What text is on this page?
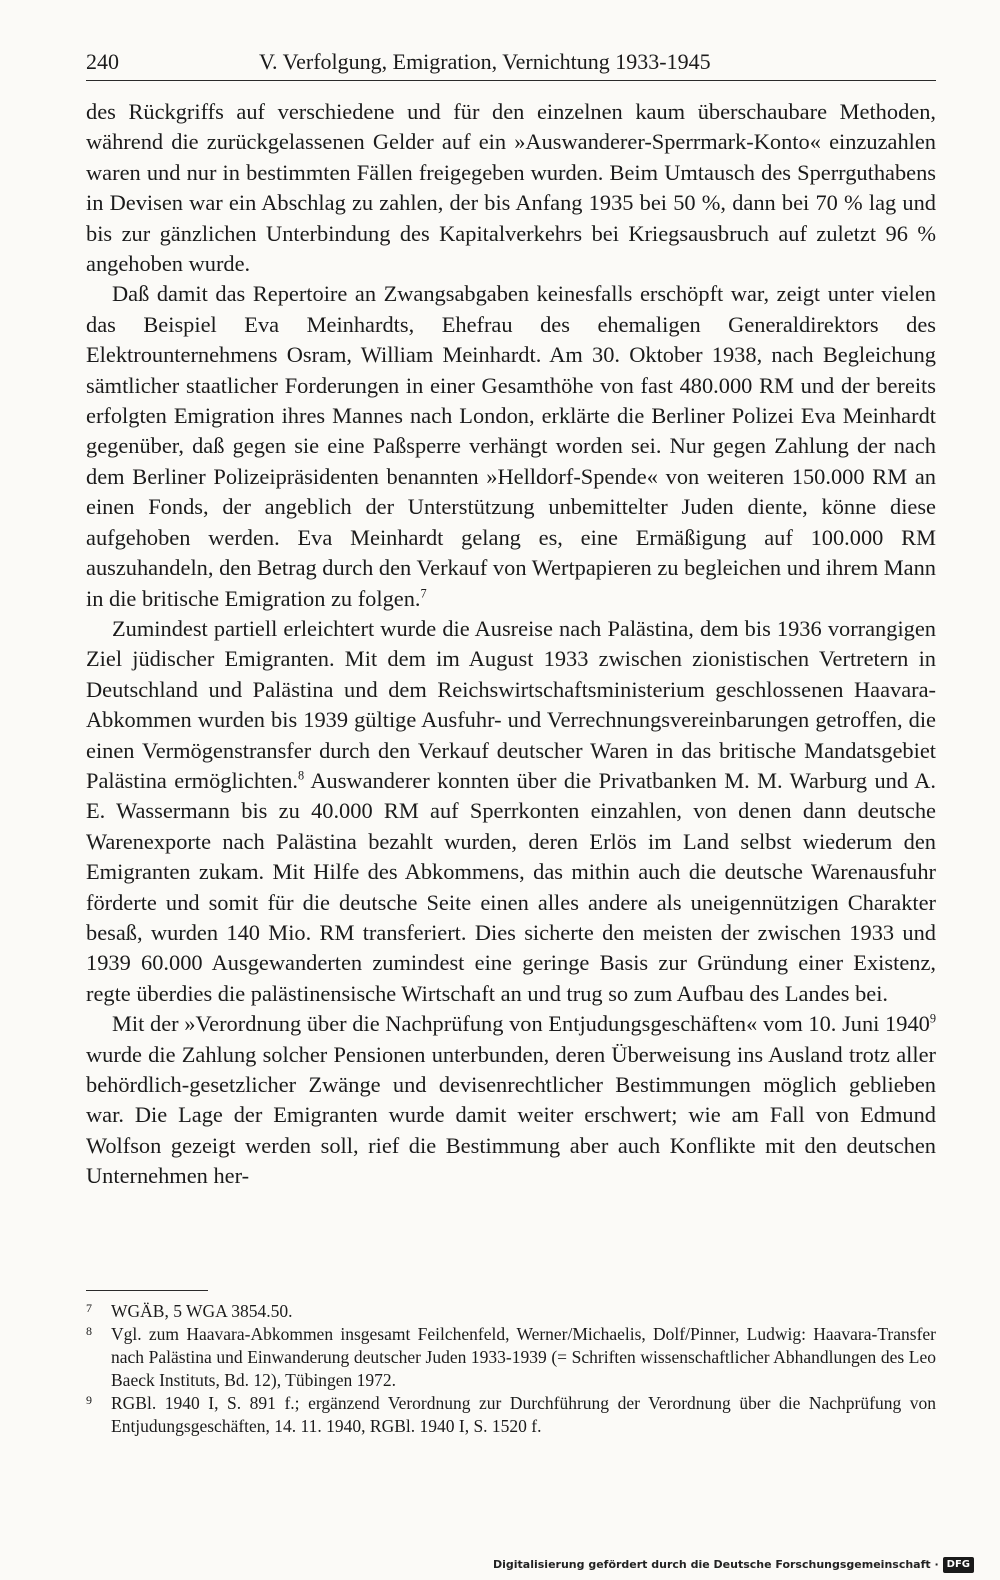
240	V. Verfolgung, Emigration, Vernichtung 1933-1945

des Rückgriffs auf verschiedene und für den einzelnen kaum überschaubare Methoden, während die zurückgelassenen Gelder auf ein »Auswanderer-Sperrmark-Konto« einzuzahlen waren und nur in bestimmten Fällen freigegeben wurden. Beim Umtausch des Sperrguthabens in Devisen war ein Abschlag zu zahlen, der bis Anfang 1935 bei 50 %, dann bei 70 % lag und bis zur gänzlichen Unterbindung des Kapitalverkehrs bei Kriegsausbruch auf zuletzt 96 % angehoben wurde.

Daß damit das Repertoire an Zwangsabgaben keinesfalls erschöpft war, zeigt unter vielen das Beispiel Eva Meinhardts, Ehefrau des ehemaligen Generaldirektors des Elektrounternehmens Osram, William Meinhardt. Am 30. Oktober 1938, nach Begleichung sämtlicher staatlicher Forderungen in einer Gesamthöhe von fast 480.000 RM und der bereits erfolgten Emigration ihres Mannes nach London, erklärte die Berliner Polizei Eva Meinhardt gegenüber, daß gegen sie eine Paßsperre verhängt worden sei. Nur gegen Zahlung der nach dem Berliner Polizeipräsidenten benannten »Helldorf-Spende« von weiteren 150.000 RM an einen Fonds, der angeblich der Unterstützung unbemittelter Juden diente, könne diese aufgehoben werden. Eva Meinhardt gelang es, eine Ermäßigung auf 100.000 RM auszuhandeln, den Betrag durch den Verkauf von Wertpapieren zu begleichen und ihrem Mann in die britische Emigration zu folgen.$^7$

Zumindest partiell erleichtert wurde die Ausreise nach Palästina, dem bis 1936 vorrangigen Ziel jüdischer Emigranten. Mit dem im August 1933 zwischen zionistischen Vertretern in Deutschland und Palästina und dem Reichswirtschaftsministerium geschlossenen Haavara-Abkommen wurden bis 1939 gültige Ausfuhr- und Verrechnungsvereinbarungen getroffen, die einen Vermögenstransfer durch den Verkauf deutscher Waren in das britische Mandatsgebiet Palästina ermöglichten.$^8$ Auswanderer konnten über die Privatbanken M. M. Warburg und A. E. Wassermann bis zu 40.000 RM auf Sperrkonten einzahlen, von denen dann deutsche Warenexporte nach Palästina bezahlt wurden, deren Erlös im Land selbst wiederum den Emigranten zukam. Mit Hilfe des Abkommens, das mithin auch die deutsche Warenausfuhr förderte und somit für die deutsche Seite einen alles andere als uneigennützigen Charakter besaß, wurden 140 Mio. RM transferiert. Dies sicherte den meisten der zwischen 1933 und 1939 60.000 Ausgewanderten zumindest eine geringe Basis zur Gründung einer Existenz, regte überdies die palästinensische Wirtschaft an und trug so zum Aufbau des Landes bei.

Mit der »Verordnung über die Nachprüfung von Entjudungsgeschäften« vom 10. Juni 1940$^9$ wurde die Zahlung solcher Pensionen unterbunden, deren Überweisung ins Ausland trotz aller behördlich-gesetzlicher Zwänge und devisenrechtlicher Bestimmungen möglich geblieben war. Die Lage der Emigranten wurde damit weiter erschwert; wie am Fall von Edmund Wolfson gezeigt werden soll, rief die Bestimmung aber auch Konflikte mit den deutschen Unternehmen her-

7 WGÄB, 5 WGA 3854.50.

8 Vgl. zum Haavara-Abkommen insgesamt Feilchenfeld, Werner/Michaelis, Dolf/Pinner, Ludwig: Haavara-Transfer nach Palästina und Einwanderung deutscher Juden 1933-1939 (= Schriften wissenschaftlicher Abhandlungen des Leo Baeck Instituts, Bd. 12), Tübingen 1972.

9 RGBl. 1940 I, S. 891 f.; ergänzend Verordnung zur Durchführung der Verordnung über die Nachprüfung von Entjudungsgeschäften, 14. 11. 1940, RGBl. 1940 I, S. 1520 f.

Digitalisierung gefördert durch die Deutsche Forschungsgemeinschaft · DFG
